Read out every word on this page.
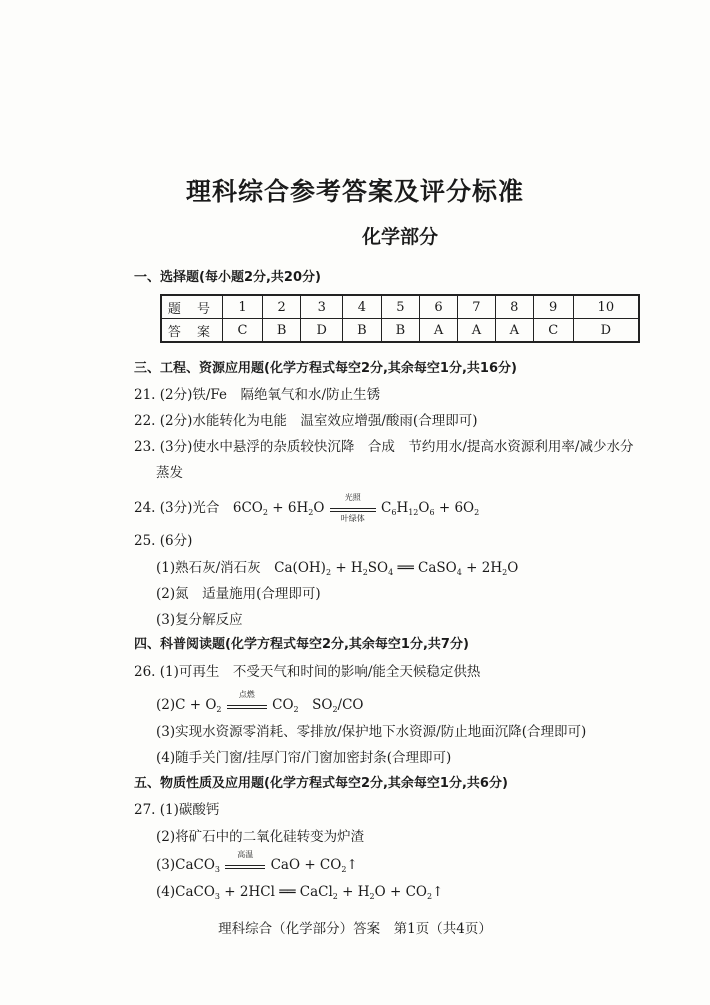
理科综合参考答案及评分标准
化学部分
一、选择题(每小题2分,共20分)
题 号	1	2	3	4	5	6	7	8	9	10
答 案	C	B	D	B	B	A	A	A	C	D
三、工程、资源应用题(化学方程式每空2分,其余每空1分,共16分)
21. (2分)铁/Fe　隔绝氧气和水/防止生锈
22. (2分)水能转化为电能　温室效应增强/酸雨(合理即可)
23. (3分)使水中悬浮的杂质较快沉降　合成　节约用水/提高水资源利用率/减少水分
蒸发
24. (3分)光合　$6CO_2 + 6H_2O$
光照
叶绿体
$C_6H_{12}O_6 + 6O_2$
25. (6分)
(1)熟石灰/消石灰　$Ca(OH)_2 + H_2SO_4$ ══ CaSO$_4$ + $2H_2O$
(2)氮　适量施用(合理即可)
(3)复分解反应
四、科普阅读题(化学方程式每空2分,其余每空1分,共7分)
26. (1)可再生　不受天气和时间的影响/能全天候稳定供热
$(2)C + O_2$
点燃
$CO_2$　$SO_2/CO$
(3)实现水资源零消耗、零排放/保护地下水资源/防止地面沉降(合理即可)
(4)随手关门窗/挂厚门帘/门窗加密封条(合理即可)
五、物质性质及应用题(化学方程式每空2分,其余每空1分,共6分)
27. (1)碳酸钙
(2)将矿石中的二氧化硅转变为炉渣
(3)CaCO$_3$
高温
CaO + $CO_2↑$
(4)CaCO$_3$ + 2HCl ══ CaCl$_2$ + $H_2O$ + $CO_2↑$
理科综合（化学部分）答案　第1页（共4页）
